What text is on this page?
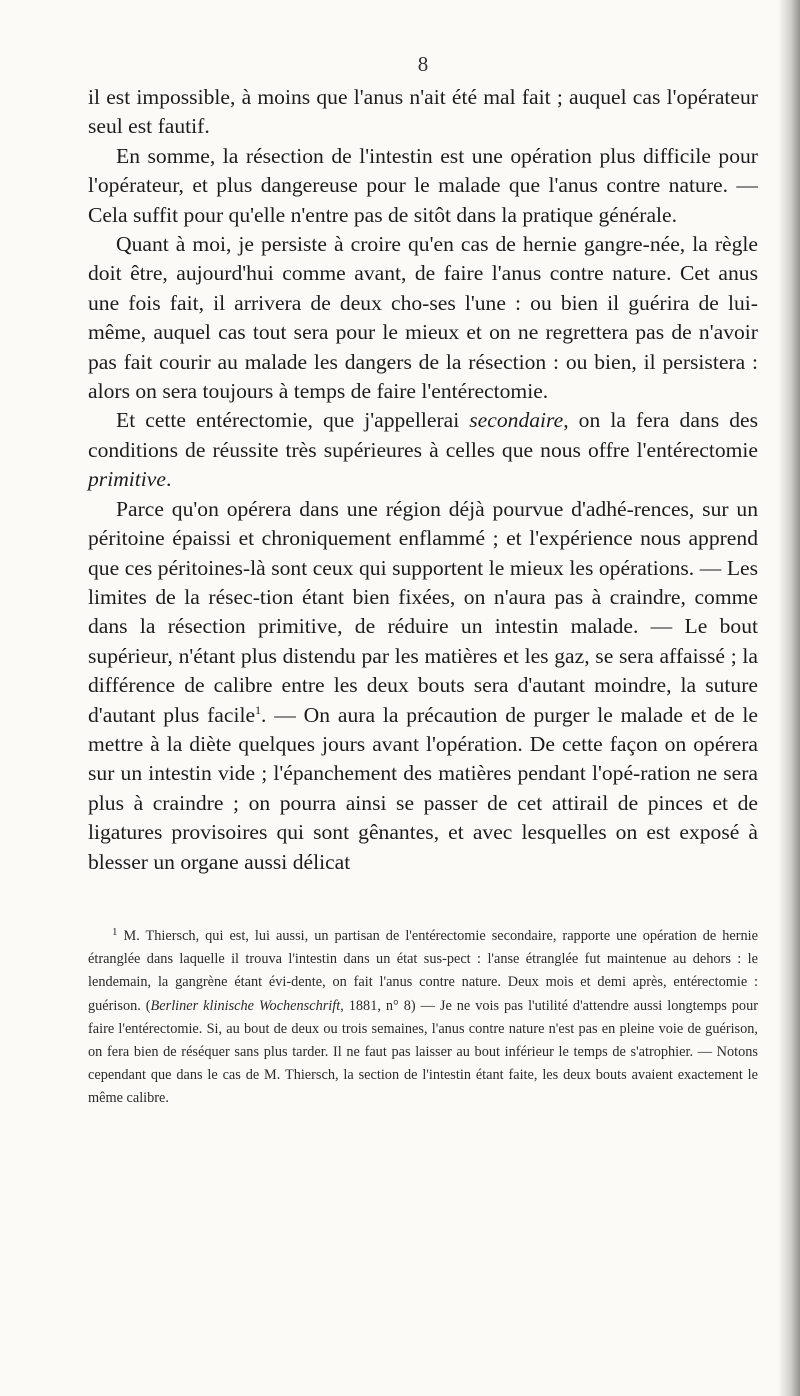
8

il est impossible, à moins que l'anus n'ait été mal fait ; auquel cas l'opérateur seul est fautif.

En somme, la résection de l'intestin est une opération plus difficile pour l'opérateur, et plus dangereuse pour le malade que l'anus contre nature. — Cela suffit pour qu'elle n'entre pas de sitôt dans la pratique générale.

Quant à moi, je persiste à croire qu'en cas de hernie gangre-née, la règle doit être, aujourd'hui comme avant, de faire l'anus contre nature. Cet anus une fois fait, il arrivera de deux cho-ses l'une : ou bien il guérira de lui-même, auquel cas tout sera pour le mieux et on ne regrettera pas de n'avoir pas fait courir au malade les dangers de la résection : ou bien, il persistera : alors on sera toujours à temps de faire l'entérectomie.

Et cette entérectomie, que j'appellerai secondaire, on la fera dans des conditions de réussite très supérieures à celles que nous offre l'entérectomie primitive.

Parce qu'on opérera dans une région déjà pourvue d'adhé-rences, sur un péritoine épaissi et chroniquement enflammé ; et l'expérience nous apprend que ces péritoines-là sont ceux qui supportent le mieux les opérations. — Les limites de la résec-tion étant bien fixées, on n'aura pas à craindre, comme dans la résection primitive, de réduire un intestin malade. — Le bout supérieur, n'étant plus distendu par les matières et les gaz, se sera affaissé ; la différence de calibre entre les deux bouts sera d'autant moindre, la suture d'autant plus facile$^1$. — On aura la précaution de purger le malade et de le mettre à la diète quelques jours avant l'opération. De cette façon on opérera sur un intestin vide ; l'épanchement des matières pendant l'opé-ration ne sera plus à craindre ; on pourra ainsi se passer de cet attirail de pinces et de ligatures provisoires qui sont gênantes, et avec lesquelles on est exposé à blesser un organe aussi délicat

$^1$ M. Thiersch, qui est, lui aussi, un partisan de l'entérectomie secondaire, rapporte une opération de hernie étranglée dans laquelle il trouva l'intestin dans un état sus-pect : l'anse étranglée fut maintenue au dehors : le lendemain, la gangrène étant évi-dente, on fait l'anus contre nature. Deux mois et demi après, entérectomie : guérison. (Berliner klinische Wochenschrift, 1881, n° 8) — Je ne vois pas l'utilité d'attendre aussi longtemps pour faire l'entérectomie. Si, au bout de deux ou trois semaines, l'anus contre nature n'est pas en pleine voie de guérison, on fera bien de réséquer sans plus tarder. Il ne faut pas laisser au bout inférieur le temps de s'atrophier. — Notons cependant que dans le cas de M. Thiersch, la section de l'intestin étant faite, les deux bouts avaient exactement le même calibre.
